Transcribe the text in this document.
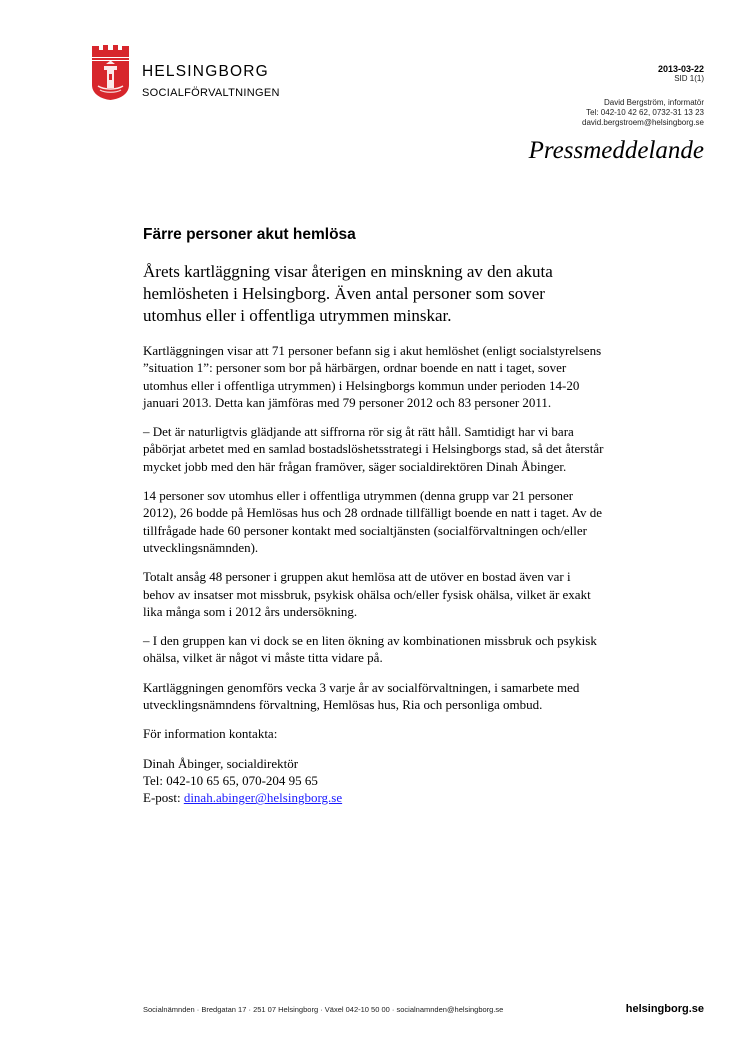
HELSINGBORG
SOCIALFÖRVALTNINGEN
2013-03-22
SID 1(1)
David Bergström, informatör
Tel: 042-10 42 62, 0732-31 13 23
david.bergstroem@helsingborg.se
Pressmeddelande
Färre personer akut hemlösa

Årets kartläggning visar återigen en minskning av den akuta hemlösheten i Helsingborg. Även antal personer som sover utomhus eller i offentliga utrymmen minskar.

Kartläggningen visar att 71 personer befann sig i akut hemlöshet (enligt socialstyrelsens ”situation 1”: personer som bor på härbärgen, ordnar boende en natt i taget, sover utomhus eller i offentliga utrymmen) i Helsingborgs kommun under perioden 14-20 januari 2013. Detta kan jämföras med 79 personer 2012 och 83 personer 2011.

– Det är naturligtvis glädjande att siffrorna rör sig åt rätt håll. Samtidigt har vi bara påbörjat arbetet med en samlad bostadslöshetsstrategi i Helsingborgs stad, så det återstår mycket jobb med den här frågan framöver, säger socialdirektören Dinah Åbinger.

14 personer sov utomhus eller i offentliga utrymmen (denna grupp var 21 personer 2012), 26 bodde på Hemlösas hus och 28 ordnade tillfälligt boende en natt i taget. Av de tillfrågade hade 60 personer kontakt med socialtjänsten (socialförvaltningen och/eller utvecklingsnämnden).

Totalt ansåg 48 personer i gruppen akut hemlösa att de utöver en bostad även var i behov av insatser mot missbruk, psykisk ohälsa och/eller fysisk ohälsa, vilket är exakt lika många som i 2012 års undersökning.

– I den gruppen kan vi dock se en liten ökning av kombinationen missbruk och psykisk ohälsa, vilket är något vi måste titta vidare på.

Kartläggningen genomförs vecka 3 varje år av socialförvaltningen, i samarbete med utvecklingsnämndens förvaltning, Hemlösas hus, Ria och personliga ombud.

För information kontakta:

Dinah Åbinger, socialdirektör

Tel: 042-10 65 65, 070-204 95 65

E-post: dinah.abinger@helsingborg.se

Socialnämnden · Bredgatan 17 · 251 07 Helsingborg · Växel 042-10 50 00 · socialnamnden@helsingborg.se	helsingborg.se
